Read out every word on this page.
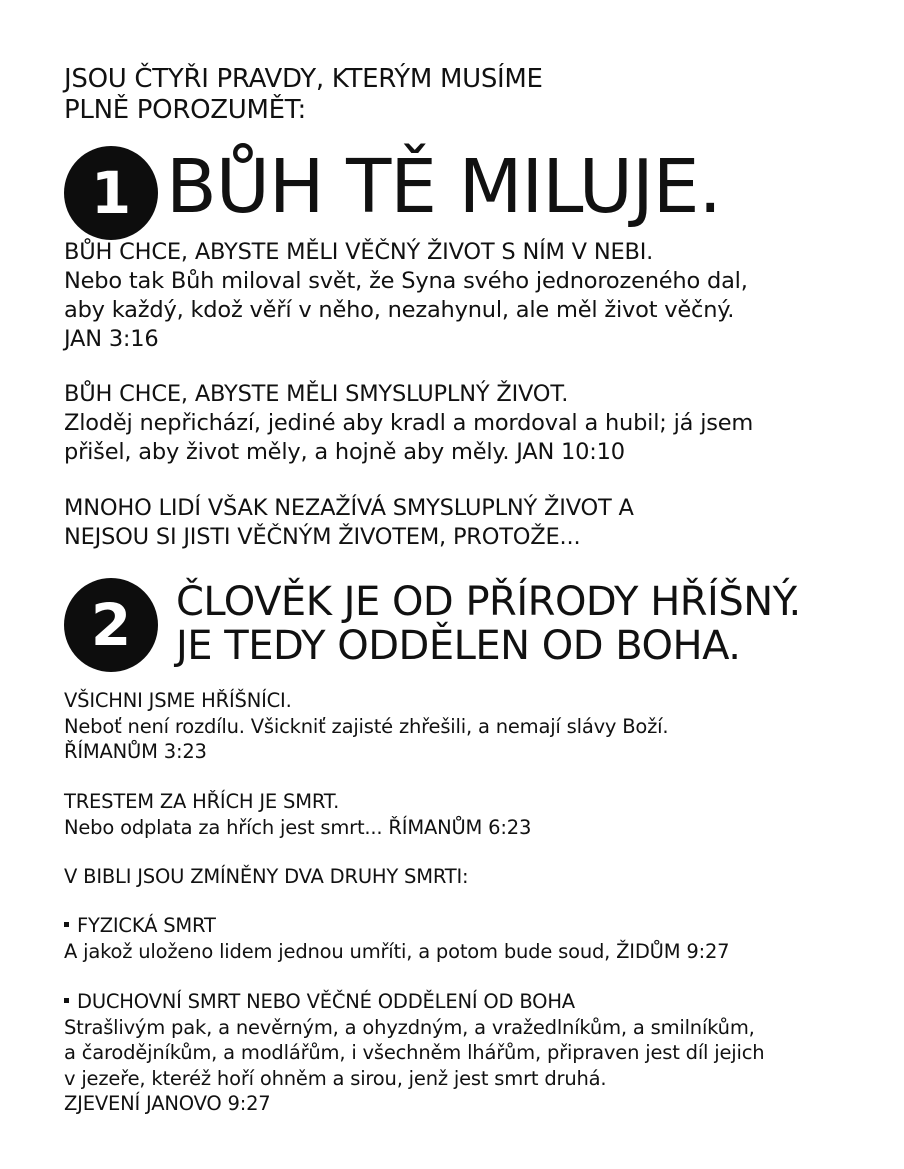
JSOU ČTYŘI PRAVDY, KTERÝM MUSÍME
PLNĚ POROZUMĚT:
1 BŮH TĚ MILUJE.
BŮH CHCE, ABYSTE MĚLI VĚČNÝ ŽIVOT S NÍM V NEBI.
Nebo tak Bůh miloval svět, že Syna svého jednorozeného dal,
aby každý, kdož věří v něho, nezahynul, ale měl život věčný.
JAN 3:16
BŮH CHCE, ABYSTE MĚLI SMYSLUPLNÝ ŽIVOT.
Zloděj nepřichází, jediné aby kradl a mordoval a hubil; já jsem
přišel, aby život měly, a hojně aby měly. JAN 10:10
MNOHO LIDÍ VŠAK NEZAŽÍVÁ SMYSLUPLNÝ ŽIVOT A
NEJSOU SI JISTI VĚČNÝM ŽIVOTEM, PROTOŽE...
2	ČLOVĚK JE OD PŘÍRODY HŘÍŠNÝ.
JE TEDY ODDĚLEN OD BOHA.
VŠICHNI JSME HŘÍŠNÍCI.
Neboť není rozdílu. Všickniť zajisté zhřešili, a nemají slávy Boží.
ŘÍMANŮM 3:23
TRESTEM ZA HŘÍCH JE SMRT.
Nebo odplata za hřích jest smrt... ŘÍMANŮM 6:23
V BIBLI JSOU ZMÍNĚNY DVA DRUHY SMRTI:
FYZICKÁ SMRT
A jakož uloženo lidem jednou umříti, a potom bude soud, ŽIDŮM 9:27
DUCHOVNÍ SMRT NEBO VĚČNÉ ODDĚLENÍ OD BOHA
Strašlivým pak, a nevěrným, a ohyzdným, a vražedlníkům, a smilníkům,
a čarodějníkům, a modlářům, i všechněm lhářům, připraven jest díl jejich
v jezeře, kteréž hoří ohněm a sirou, jenž jest smrt druhá.
ZJEVENÍ JANOVO 9:27
